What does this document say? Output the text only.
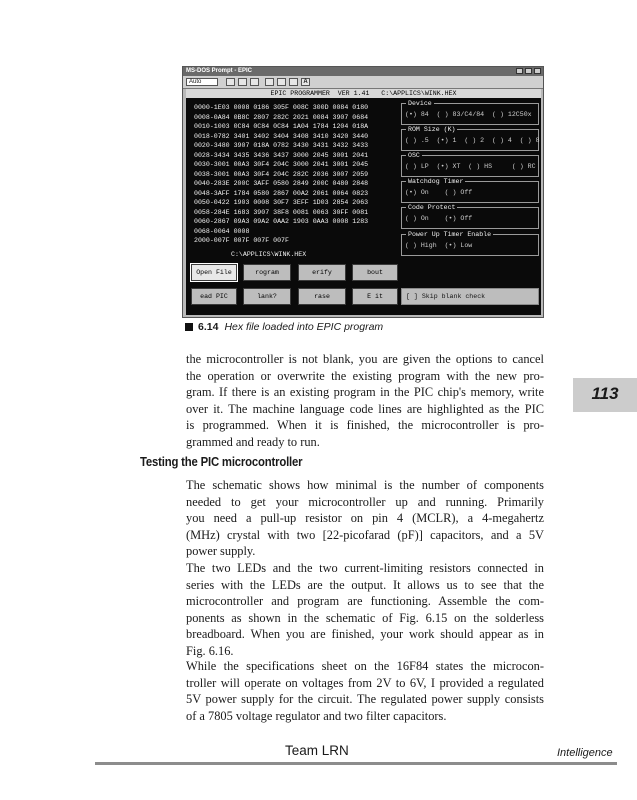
MS-DOS Prompt - EPIC
Auto	A
EPIC PROGRAMMER  VER 1.41   C:\APPLICS\WINK.HEX
0000-1E03 0008 0186 305F 008C 300D 0084 0180
0008-0A84 0B8C 2807 282C 2021 0084 3907 0684
0010-1003 0C84 0C84 0C84 1A04 1784 1204 018A
0018-0782 3401 3402 3404 3408 3410 3420 3440
0020-3480 3907 018A 0782 3430 3431 3432 3433
0028-3434 3435 3436 3437 3000 2045 3001 2041
0030-3001 00A3 30F4 204C 3000 2041 3001 2045
0038-3001 00A3 30F4 204C 282C 2036 3007 2059
0040-283E 200C 3AFF 0580 2849 200C 0480 2848
0048-3AFF 1784 0580 2867 00A2 2061 0064 0823
0050-0422 1903 0008 30F7 3EFF 1D03 2854 2063
0058-284E 1683 3907 38F8 0081 0063 30FF 0081
0060-2867 09A3 09A2 0AA2 1903 0AA3 0008 1283
0068-0064 0008
2000-007F 007F 007F 007F
C:\APPLICS\WINK.HEX
Device
(•) 84  ( ) 83/C4/84  ( ) 12C50x
ROM Size (K)
( ) .5  (•) 1  ( ) 2  ( ) 4  ( ) 8
OSC
( ) LP  (•) XT  ( ) HS     ( ) RC
Watchdog Timer
(•) On    ( ) Off
Code Protect
( ) On    (•) Off
Power Up Timer Enable
( ) High  (•) Low
Open File	rogram	erify	bout
ead PIC	lank?	rase	E it	[ ] Skip blank check
6.14 Hex file loaded into EPIC program
the microcontroller is not blank, you are given the options to cancel
the operation or overwrite the existing program with the new pro-
gram. If there is an existing program in the PIC chip's memory, write
over it. The machine language code lines are highlighted as the PIC
is programmed. When it is finished, the microcontroller is pro-
grammed and ready to run.
Testing the PIC microcontroller
The schematic shows how minimal is the number of components
needed to get your microcontroller up and running. Primarily
you need a pull-up resistor on pin 4 (MCLR), a 4-megahertz
(MHz) crystal with two [22-picofarad (pF)] capacitors, and a 5V
power supply.
The two LEDs and the two current-limiting resistors connected in
series with the LEDs are the output. It allows us to see that the
microcontroller and program are functioning. Assemble the com-
ponents as shown in the schematic of Fig. 6.15 on the solderless
breadboard. When you are finished, your work should appear as in
Fig. 6.16.
While the specifications sheet on the 16F84 states the microcon-
troller will operate on voltages from 2V to 6V, I provided a regulated
5V power supply for the circuit. The regulated power supply consists
of a 7805 voltage regulator and two filter capacitors.
113
Team LRN	Intelligence
